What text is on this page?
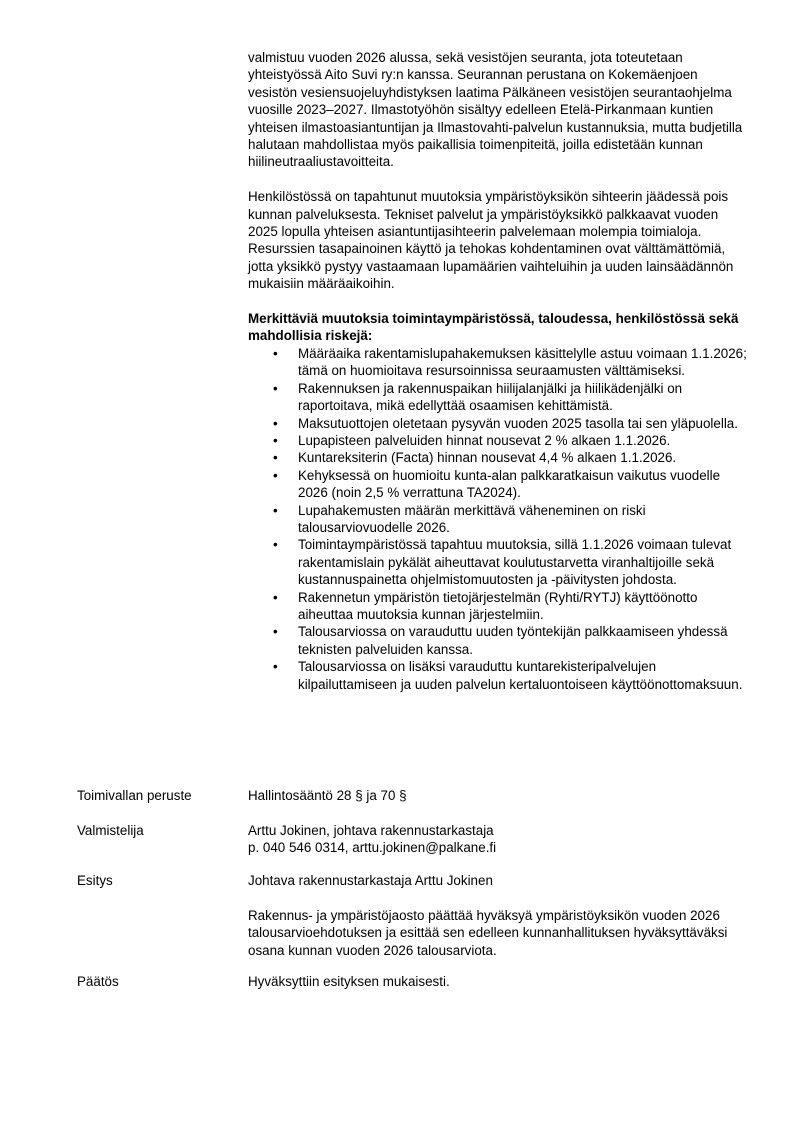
valmistuu vuoden 2026 alussa, sekä vesistöjen seuranta, jota toteutetaan yhteistyössä Aito Suvi ry:n kanssa. Seurannan perustana on Kokemäenjoen vesistön vesiensuojeluyhdistyksen laatima Pälkäneen vesistöjen seurantaohjelma vuosille 2023–2027. Ilmastotyöhön sisältyy edelleen Etelä-Pirkanmaan kuntien yhteisen ilmastoasiantuntijan ja Ilmastovahti-palvelun kustannuksia, mutta budjetilla halutaan mahdollistaa myös paikallisia toimenpiteitä, joilla edistetään kunnan hiilineutraaliustavoitteita.

Henkilöstössä on tapahtunut muutoksia ympäristöyksikön sihteerin jäädessä pois kunnan palveluksesta. Tekniset palvelut ja ympäristöyksikkö palkkaavat vuoden 2025 lopulla yhteisen asiantuntijasihteerin palvelemaan molempia toimialoja. Resurssien tasapainoinen käyttö ja tehokas kohdentaminen ovat välttämättömiä, jotta yksikkö pystyy vastaamaan lupamäärien vaihteluihin ja uuden lainsäädännön mukaisiin määräaikoihin.

Merkittäviä muutoksia toimintaympäristössä, taloudessa, henkilöstössä sekä mahdollisia riskejä:

• Määräaika rakentamislupahakemuksen käsittelylle astuu voimaan 1.1.2026; tämä on huomioitava resursoinnissa seuraamusten välttämiseksi.
• Rakennuksen ja rakennuspaikan hiilijalanjälki ja hiilikädenjälki on raportoitava, mikä edellyttää osaamisen kehittämistä.
• Maksutuottojen oletetaan pysyvän vuoden 2025 tasolla tai sen yläpuolella.
• Lupapisteen palveluiden hinnat nousevat 2 % alkaen 1.1.2026.
• Kuntareksiterin (Facta) hinnan nousevat 4,4 % alkaen 1.1.2026.
• Kehyksessä on huomioitu kunta-alan palkkaratkaisun vaikutus vuodelle 2026 (noin 2,5 % verrattuna TA2024).
• Lupahakemusten määrän merkittävä väheneminen on riski talousarviovuodelle 2026.
• Toimintaympäristössä tapahtuu muutoksia, sillä 1.1.2026 voimaan tulevat rakentamislain pykälät aiheuttavat koulutustarvetta viranhaltijoille sekä kustannuspainetta ohjelmistomuutosten ja -päivitysten johdosta.
• Rakennetun ympäristön tietojärjestelmän (Ryhti/RYTJ) käyttöönotto aiheuttaa muutoksia kunnan järjestelmiin.
• Talousarviossa on varauduttu uuden työntekijän palkkaamiseen yhdessä teknisten palveluiden kanssa.
• Talousarviossa on lisäksi varauduttu kuntarekisteripalvelujen kilpailuttamiseen ja uuden palvelun kertaluontoiseen käyttöönottomaksuun.
Toimivallan peruste	Hallintosääntö 28 § ja 70 §
Valmistelija	Arttu Jokinen, johtava rakennustarkastaja
p. 040 546 0314, arttu.jokinen@palkane.fi
Esitys	Johtava rakennustarkastaja Arttu Jokinen
Rakennus- ja ympäristöjaosto päättää hyväksyä ympäristöyksikön vuoden 2026 talousarvioehdotuksen ja esittää sen edelleen kunnanhallituksen hyväksyttäväksi osana kunnan vuoden 2026 talousarviota.
Päätös	Hyväksyttiin esityksen mukaisesti.
